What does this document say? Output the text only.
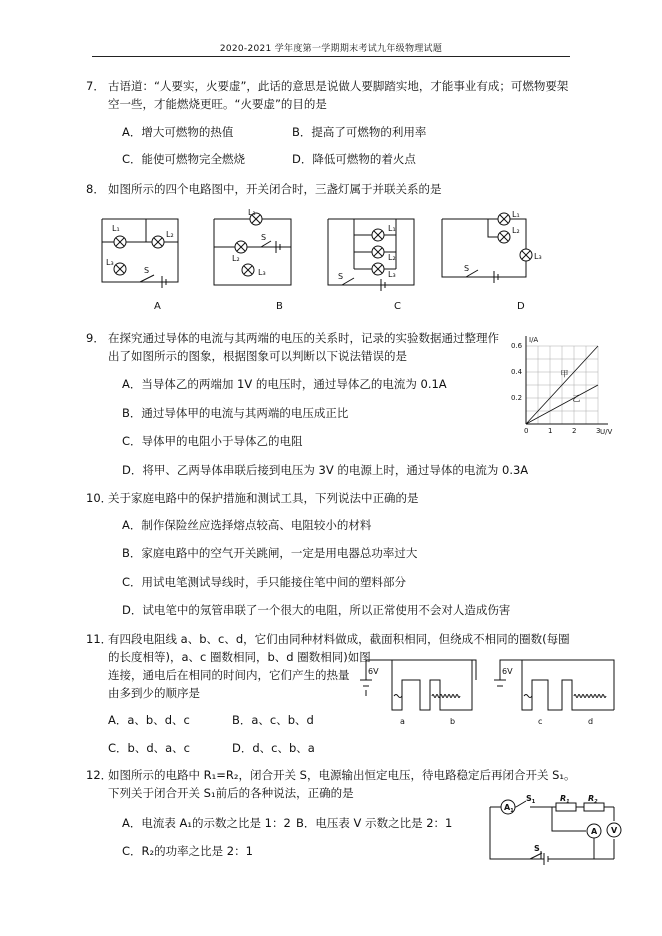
2020-2021 学年度第一学期期末考试九年级物理试题
7． 古语道：“人要实，火要虚”，此话的意思是说做人要脚踏实地，才能事业有成；可燃物要架
空一些，才能燃烧更旺。“火要虚”的目的是
A．增大可燃物的热值	B．提高了可燃物的利用率
C．能使可燃物完全燃烧	D．降低可燃物的着火点
8． 如图所示的四个电路图中，开关闭合时，三盏灯属于并联关系的是
L₁
L₂
L₃
S
L₁
L₂
L₃
S
L₁
L₂
L₃
S
L₁
L₂
L₃
S
A	B	C	D
9． 在探究通过导体的电流与其两端的电压的关系时，记录的实验数据通过整理作
出了如图所示的图象，根据图象可以判断以下说法错误的是
A．当导体乙的两端加 1V 的电压时，通过导体乙的电流为 0.1A
B．通过导体甲的电流与其两端的电压成正比
C．导体甲的电阻小于导体乙的电阻
D．将甲、乙两导体串联后接到电压为 3V 的电源上时，通过导体的电流为 0.3A
甲
乙
0	1	2	3
0.2
0.4
0.6
I/A
U/V
10．
关于家庭电路中的保护措施和测试工具，下列说法中正确的是
A．制作保险丝应选择熔点较高、电阻较小的材料
B．家庭电路中的空气开关跳闸，一定是用电器总功率过大
C．用试电笔测试导线时，手只能接住笔中间的塑料部分
D．试电笔中的氖管串联了一个很大的电阻，所以正常使用不会对人造成伤害
11．
有四段电阻线 a、b、c、d，它们由同种材料做成，截面积相同，但绕成不相同的圈数(每圈
的长度相等)，a、c 圈数相同，b、d 圈数相同)如图
连接，通电后在相同的时间内，它们产生的热量
由多到少的顺序是
A．a、b、d、c	B．a、c、b、d
C．b、d、a、c	D．d、c、b、a
6V	6V
a	b	c	d
12．
如图所示的电路中 R₁=R₂，闭合开关 S，电源输出恒定电压，待电路稳定后再闭合开关 S₁。
下列关于闭合开关 S₁前后的各种说法，正确的是
A．电流表 A₁的示数之比是 1：2 B．电压表 V 示数之比是 2：1
C．R₂的功率之比是 2：1
$A_1$
$R_1$ $R_2$
A V
S
$S_1$
